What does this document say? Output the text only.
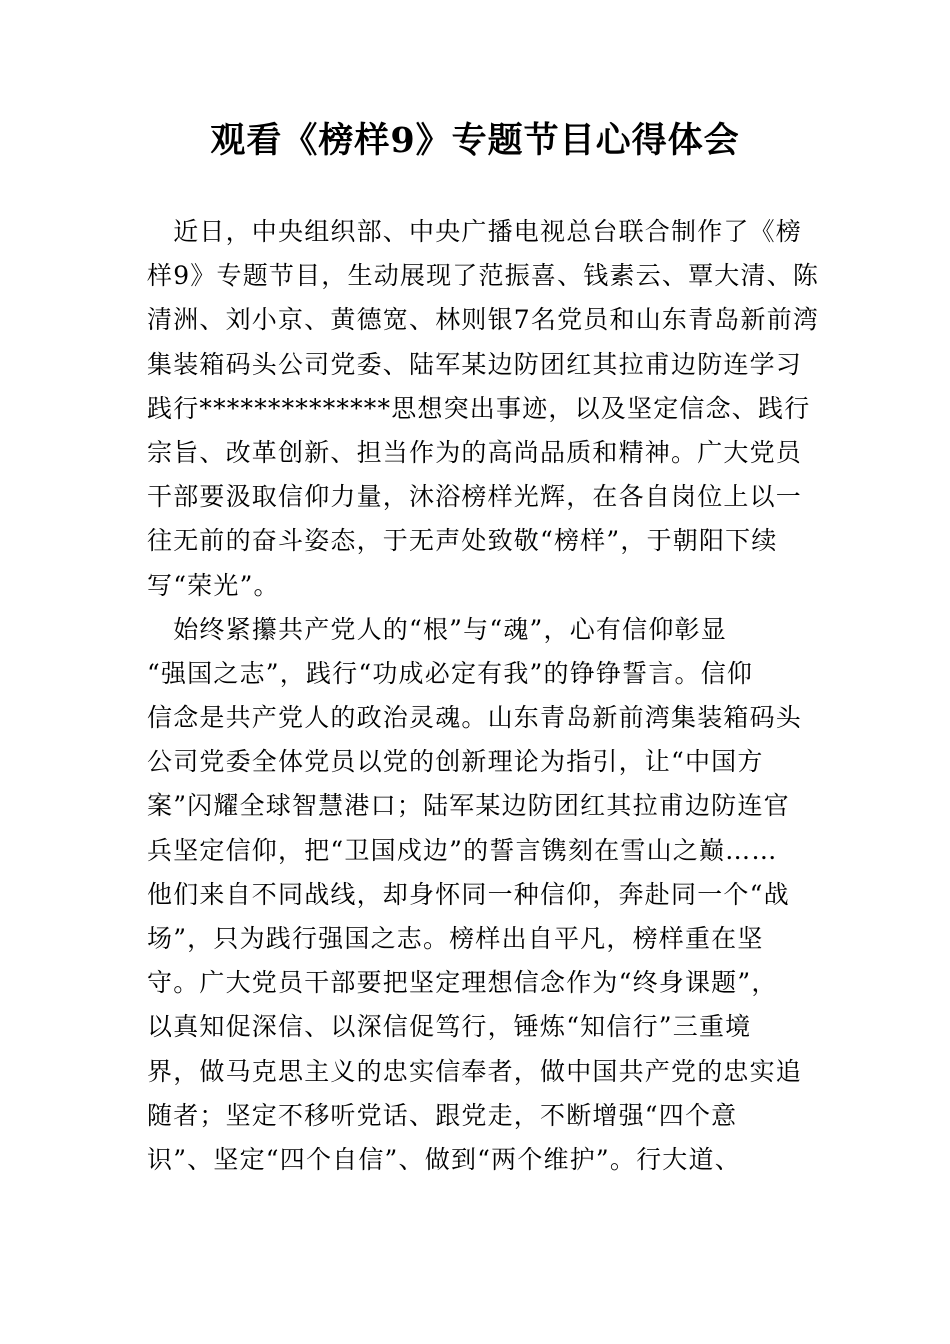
观看《榜样9》专题节目心得体会
　近日，中央组织部、中央广播电视总台联合制作了《榜
样9》专题节目，生动展现了范振喜、钱素云、覃大清、陈
清洲、刘小京、黄德宽、林则银7名党员和山东青岛新前湾
集装箱码头公司党委、陆军某边防团红其拉甫边防连学习
践行**************思想突出事迹，以及坚定信念、践行
宗旨、改革创新、担当作为的高尚品质和精神。广大党员
干部要汲取信仰力量，沐浴榜样光辉，在各自岗位上以一
往无前的奋斗姿态，于无声处致敬“榜样”，于朝阳下续
写“荣光”。
　始终紧攥共产党人的“根”与“魂”，心有信仰彰显
“强国之志”，践行“功成必定有我”的铮铮誓言。信仰
信念是共产党人的政治灵魂。山东青岛新前湾集装箱码头
公司党委全体党员以党的创新理论为指引，让“中国方
案”闪耀全球智慧港口；陆军某边防团红其拉甫边防连官
兵坚定信仰，把“卫国戍边”的誓言镌刻在雪山之巅……
他们来自不同战线，却身怀同一种信仰，奔赴同一个“战
场”，只为践行强国之志。榜样出自平凡，榜样重在坚
守。广大党员干部要把坚定理想信念作为“终身课题”，
以真知促深信、以深信促笃行，锤炼“知信行”三重境
界，做马克思主义的忠实信奉者，做中国共产党的忠实追
随者；坚定不移听党话、跟党走，不断增强“四个意
识”、坚定“四个自信”、做到“两个维护”。行大道、
